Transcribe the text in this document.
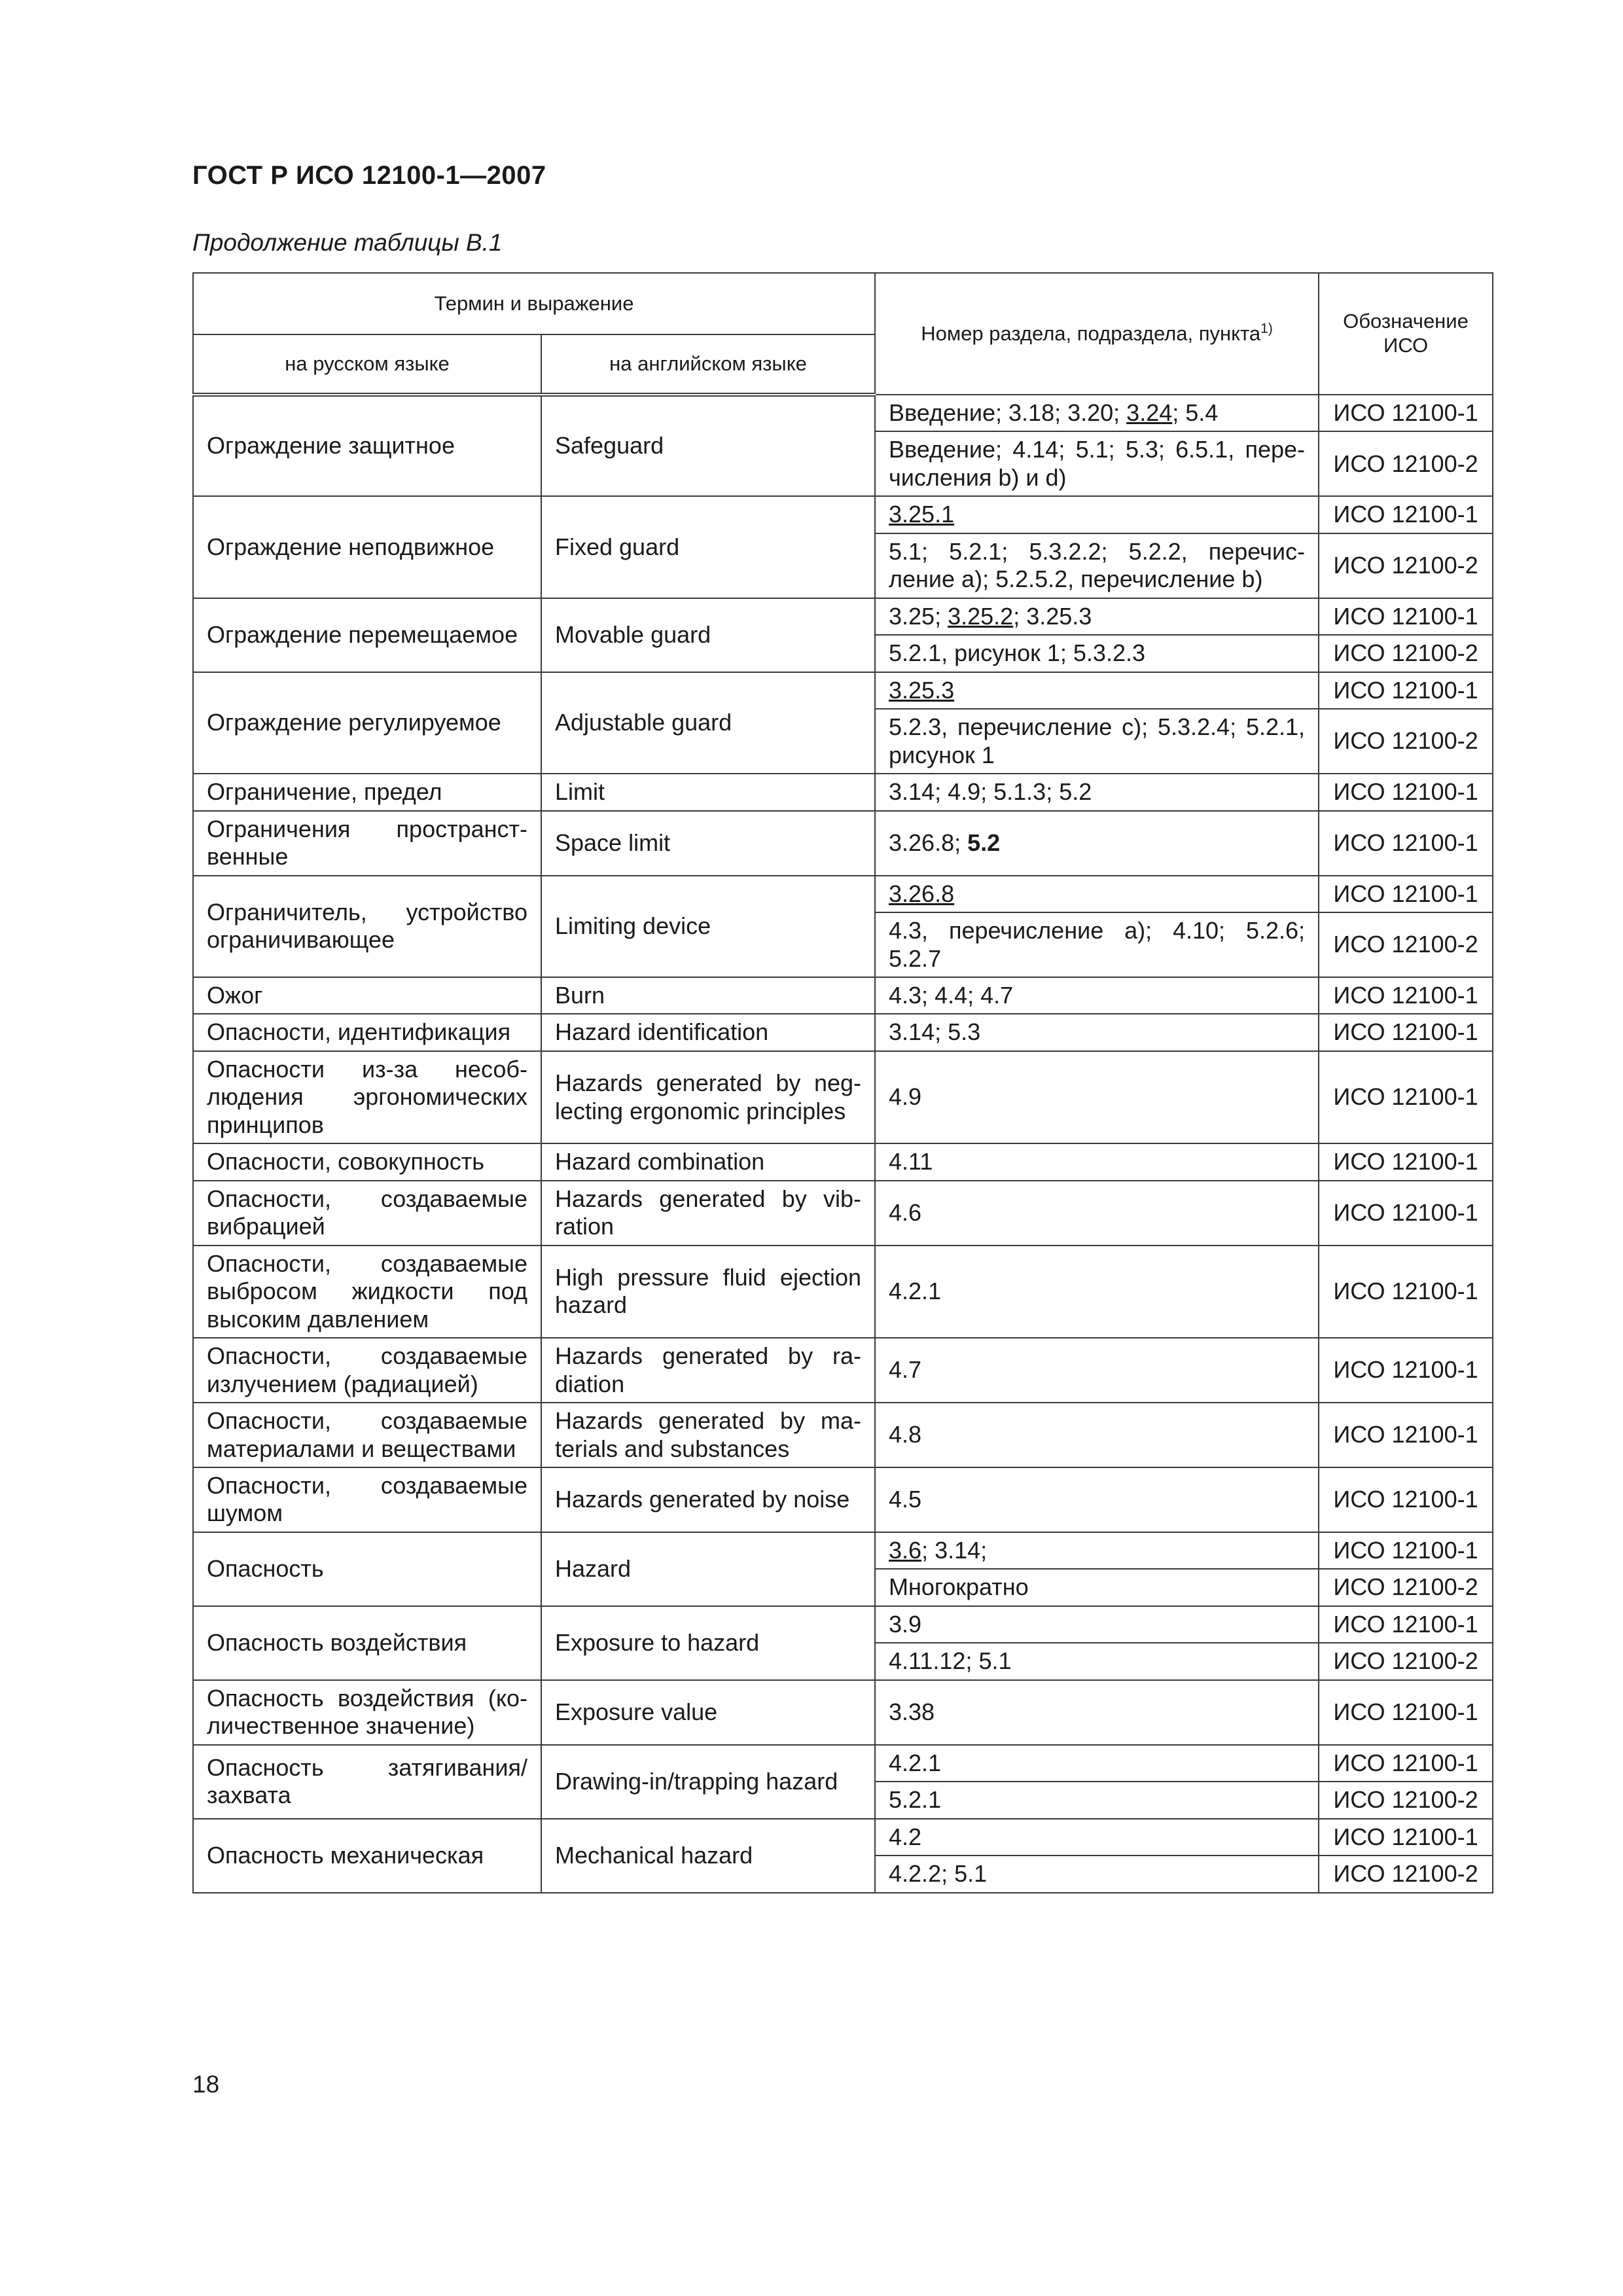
ГОСТ Р ИСО 12100-1—2007
Продолжение таблицы В.1
Термин и выражение		Номер раздела, подраздела, пункта$^{1)}$	Обозначение ИСО
на русском языке	на английском языке		
Ограждение защитное	Safeguard	Введение; 3.18; 3.20; 3.24; 5.4	ИСО 12100-1
		Введение; 4.14; 5.1; 5.3; 6.5.1, перечисления b) и d)	ИСО 12100-2
Ограждение неподвижное	Fixed guard	3.25.1	ИСО 12100-1
		5.1; 5.2.1; 5.3.2.2; 5.2.2, перечисление а); 5.2.5.2, перечисление b)	ИСО 12100-2
Ограждение перемещаемое	Movable guard	3.25; 3.25.2; 3.25.3	ИСО 12100-1
		5.2.1, рисунок 1; 5.3.2.3	ИСО 12100-2
Ограждение регулируемое	Adjustable guard	3.25.3	ИСО 12100-1
		5.2.3, перечисление с); 5.3.2.4; 5.2.1, рисунок 1	ИСО 12100-2
Ограничение, предел	Limit	3.14; 4.9; 5.1.3; 5.2	ИСО 12100-1
Ограничения пространственные	Space limit	3.26.8; 5.2	ИСО 12100-1
Ограничитель, устройство ограничивающее	Limiting device	3.26.8	ИСО 12100-1
		4.3, перечисление а); 4.10; 5.2.6; 5.2.7	ИСО 12100-2
Ожог	Burn	4.3; 4.4; 4.7	ИСО 12100-1
Опасности, идентификация	Hazard identification	3.14; 5.3	ИСО 12100-1
Опасности из-за несоблюдения эргономических принципов	Hazards generated by neglecting ergonomic principles	4.9	ИСО 12100-1
Опасности, совокупность	Hazard combination	4.11	ИСО 12100-1
Опасности, создаваемые вибрацией	Hazards generated by vibration	4.6	ИСО 12100-1
Опасности, создаваемые выбросом жидкости под высоким давлением	High pressure fluid ejection hazard	4.2.1	ИСО 12100-1
Опасности, создаваемые излучением (радиацией)	Hazards generated by radiation	4.7	ИСО 12100-1
Опасности, создаваемые материалами и веществами	Hazards generated by materials and substances	4.8	ИСО 12100-1
Опасности, создаваемые шумом	Hazards generated by noise	4.5	ИСО 12100-1
Опасность	Hazard	3.6; 3.14;	ИСО 12100-1
		Многократно	ИСО 12100-2
Опасность воздействия	Exposure to hazard	3.9	ИСО 12100-1
		4.11.12; 5.1	ИСО 12100-2
Опасность воздействия (количественное значение)	Exposure value	3.38	ИСО 12100-1
Опасность затягивания/ захвата	Drawing-in/trapping hazard	4.2.1	ИСО 12100-1
		5.2.1	ИСО 12100-2
Опасность механическая	Mechanical hazard	4.2	ИСО 12100-1
		4.2.2; 5.1	ИСО 12100-2
18
